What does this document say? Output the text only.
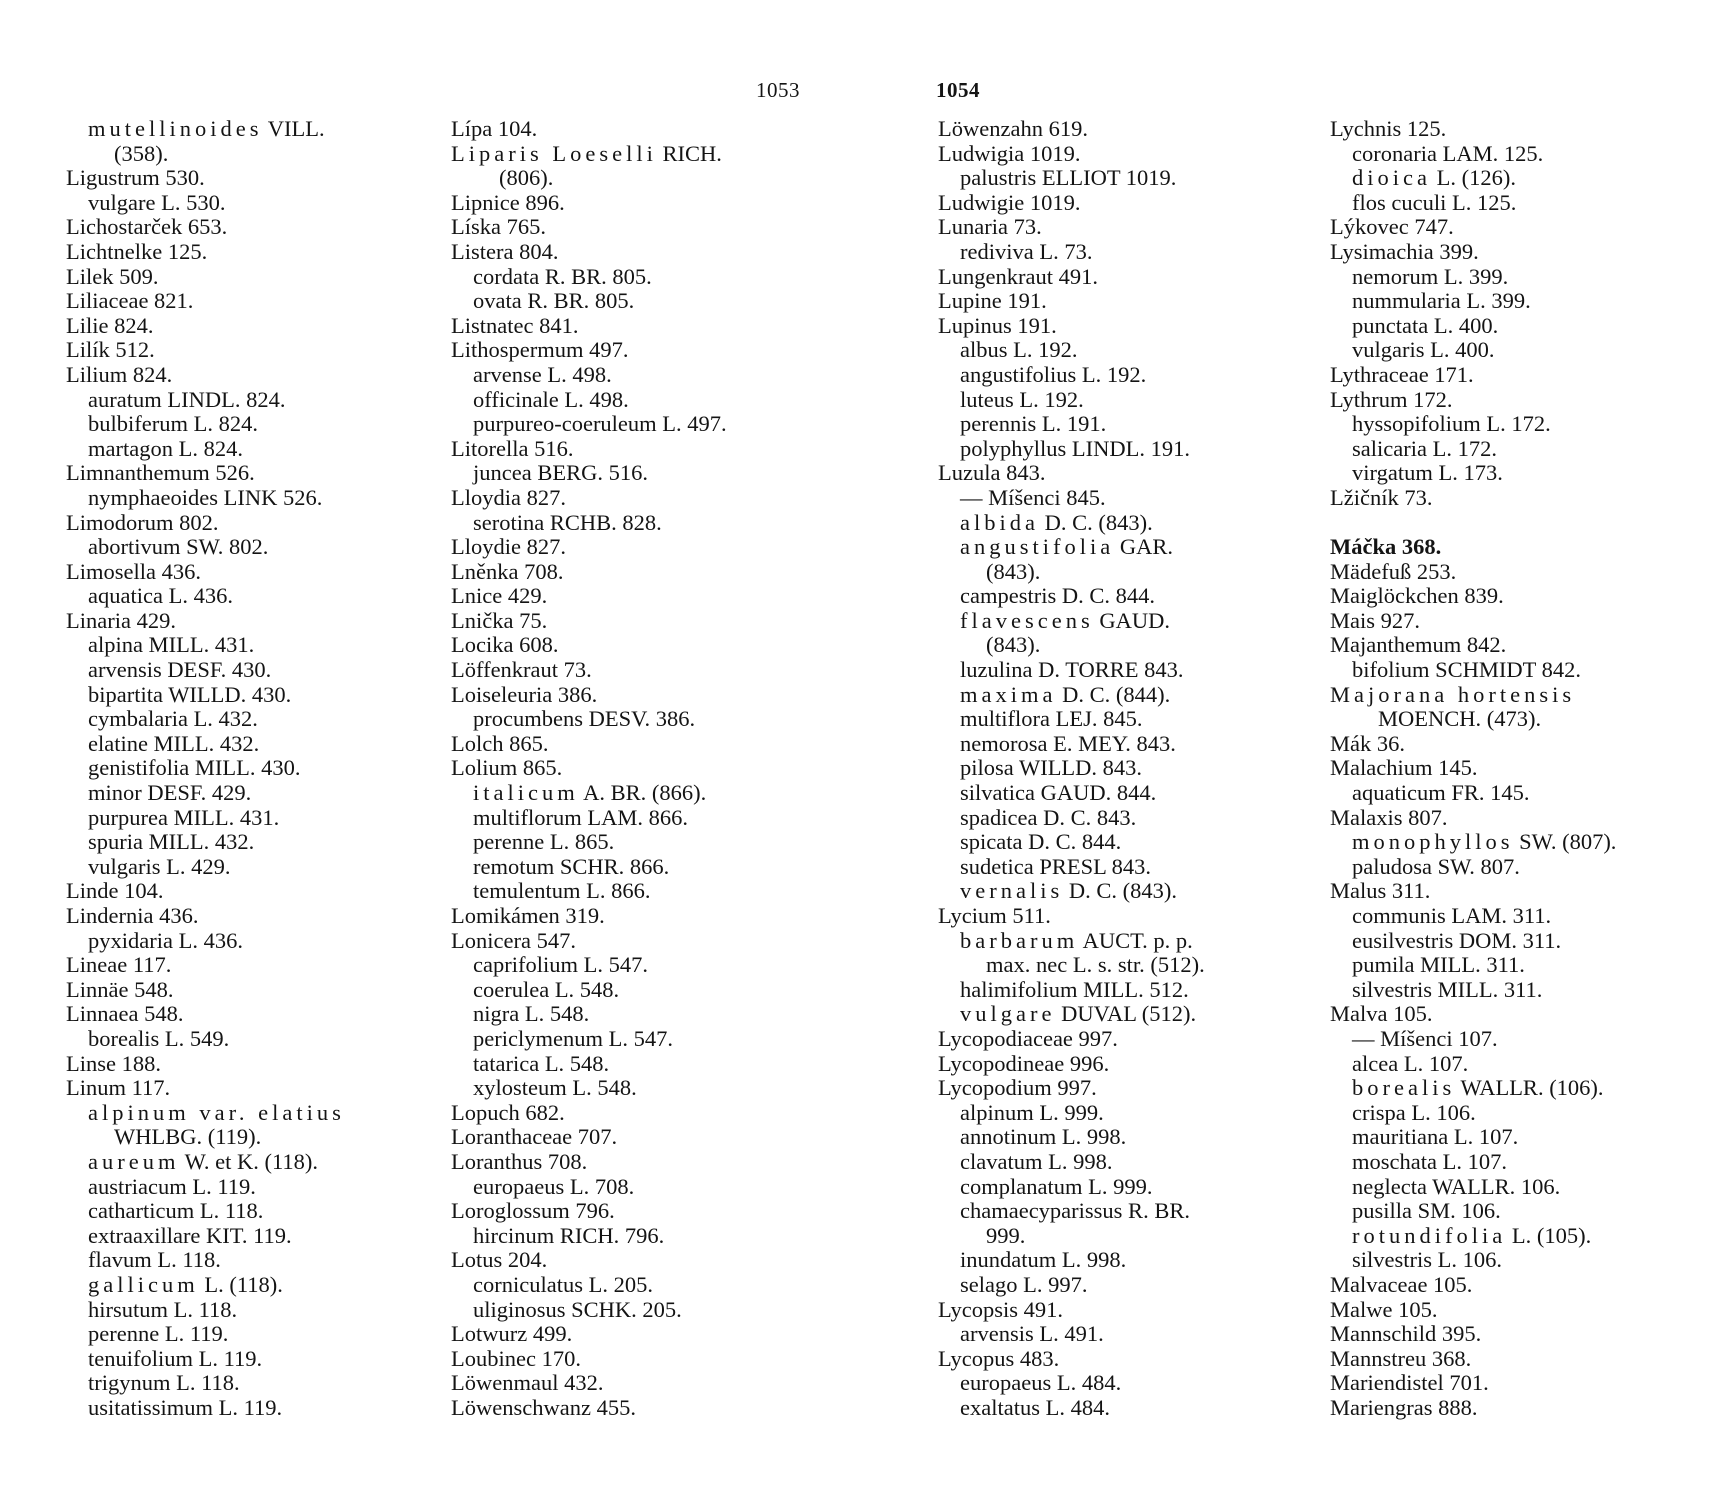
1053	1054
mutellinoides VILL.
(358).
Ligustrum 530.
vulgare L. 530.
Lichostarček 653.
Lichtnelke 125.
Lilek 509.
Liliaceae 821.
Lilie 824.
Lilík 512.
Lilium 824.
auratum LINDL. 824.
bulbiferum L. 824.
martagon L. 824.
Limnanthemum 526.
nymphaeoides LINK 526.
Limodorum 802.
abortivum SW. 802.
Limosella 436.
aquatica L. 436.
Linaria 429.
alpina MILL. 431.
arvensis DESF. 430.
bipartita WILLD. 430.
cymbalaria L. 432.
elatine MILL. 432.
genistifolia MILL. 430.
minor DESF. 429.
purpurea MILL. 431.
spuria MILL. 432.
vulgaris L. 429.
Linde 104.
Lindernia 436.
pyxidaria L. 436.
Lineae 117.
Linnäe 548.
Linnaea 548.
borealis L. 549.
Linse 188.
Linum 117.
alpinum var. elatius
WHLBG. (119).
aureum W. et K. (118).
austriacum L. 119.
catharticum L. 118.
extraaxillare KIT. 119.
flavum L. 118.
gallicum L. (118).
hirsutum L. 118.
perenne L. 119.
tenuifolium L. 119.
trigynum L. 118.
usitatissimum L. 119.
Lípa 104.
Liparis Loeselli RICH.
(806).
Lipnice 896.
Líska 765.
Listera 804.
cordata R. BR. 805.
ovata R. BR. 805.
Listnatec 841.
Lithospermum 497.
arvense L. 498.
officinale L. 498.
purpureo-coeruleum L. 497.
Litorella 516.
juncea BERG. 516.
Lloydia 827.
serotina RCHB. 828.
Lloydie 827.
Lněnka 708.
Lnice 429.
Lnička 75.
Locika 608.
Löffenkraut 73.
Loiseleuria 386.
procumbens DESV. 386.
Lolch 865.
Lolium 865.
italicum A. BR. (866).
multiflorum LAM. 866.
perenne L. 865.
remotum SCHR. 866.
temulentum L. 866.
Lomikámen 319.
Lonicera 547.
caprifolium L. 547.
coerulea L. 548.
nigra L. 548.
periclymenum L. 547.
tatarica L. 548.
xylosteum L. 548.
Lopuch 682.
Loranthaceae 707.
Loranthus 708.
europaeus L. 708.
Loroglossum 796.
hircinum RICH. 796.
Lotus 204.
corniculatus L. 205.
uliginosus SCHK. 205.
Lotwurz 499.
Loubinec 170.
Löwenmaul 432.
Löwenschwanz 455.
Löwenzahn 619.
Ludwigia 1019.
palustris ELLIOT 1019.
Ludwigie 1019.
Lunaria 73.
rediviva L. 73.
Lungenkraut 491.
Lupine 191.
Lupinus 191.
albus L. 192.
angustifolius L. 192.
luteus L. 192.
perennis L. 191.
polyphyllus LINDL. 191.
Luzula 843.
— Míšenci 845.
albida D. C. (843).
angustifolia GAR.
(843).
campestris D. C. 844.
flavescens GAUD.
(843).
luzulina D. TORRE 843.
maxima D. C. (844).
multiflora LEJ. 845.
nemorosa E. MEY. 843.
pilosa WILLD. 843.
silvatica GAUD. 844.
spadicea D. C. 843.
spicata D. C. 844.
sudetica PRESL 843.
vernalis D. C. (843).
Lycium 511.
barbarum AUCT. p. p.
max. nec L. s. str. (512).
halimifolium MILL. 512.
vulgare DUVAL (512).
Lycopodiaceae 997.
Lycopodineae 996.
Lycopodium 997.
alpinum L. 999.
annotinum L. 998.
clavatum L. 998.
complanatum L. 999.
chamaecyparissus R. BR.
999.
inundatum L. 998.
selago L. 997.
Lycopsis 491.
arvensis L. 491.
Lycopus 483.
europaeus L. 484.
exaltatus L. 484.
Lychnis 125.
coronaria LAM. 125.
dioica L. (126).
flos cuculi L. 125.
Lýkovec 747.
Lysimachia 399.
nemorum L. 399.
nummularia L. 399.
punctata L. 400.
vulgaris L. 400.
Lythraceae 171.
Lythrum 172.
hyssopifolium L. 172.
salicaria L. 172.
virgatum L. 173.
Lžičník 73.
Máčka 368.
Mädefuß 253.
Maiglöckchen 839.
Mais 927.
Majanthemum 842.
bifolium SCHMIDT 842.
Majorana hortensis
MOENCH. (473).
Mák 36.
Malachium 145.
aquaticum FR. 145.
Malaxis 807.
monophyllos SW. (807).
paludosa SW. 807.
Malus 311.
communis LAM. 311.
eusilvestris DOM. 311.
pumila MILL. 311.
silvestris MILL. 311.
Malva 105.
— Míšenci 107.
alcea L. 107.
borealis WALLR. (106).
crispa L. 106.
mauritiana L. 107.
moschata L. 107.
neglecta WALLR. 106.
pusilla SM. 106.
rotundifolia L. (105).
silvestris L. 106.
Malvaceae 105.
Malwe 105.
Mannschild 395.
Mannstreu 368.
Mariendistel 701.
Mariengras 888.
